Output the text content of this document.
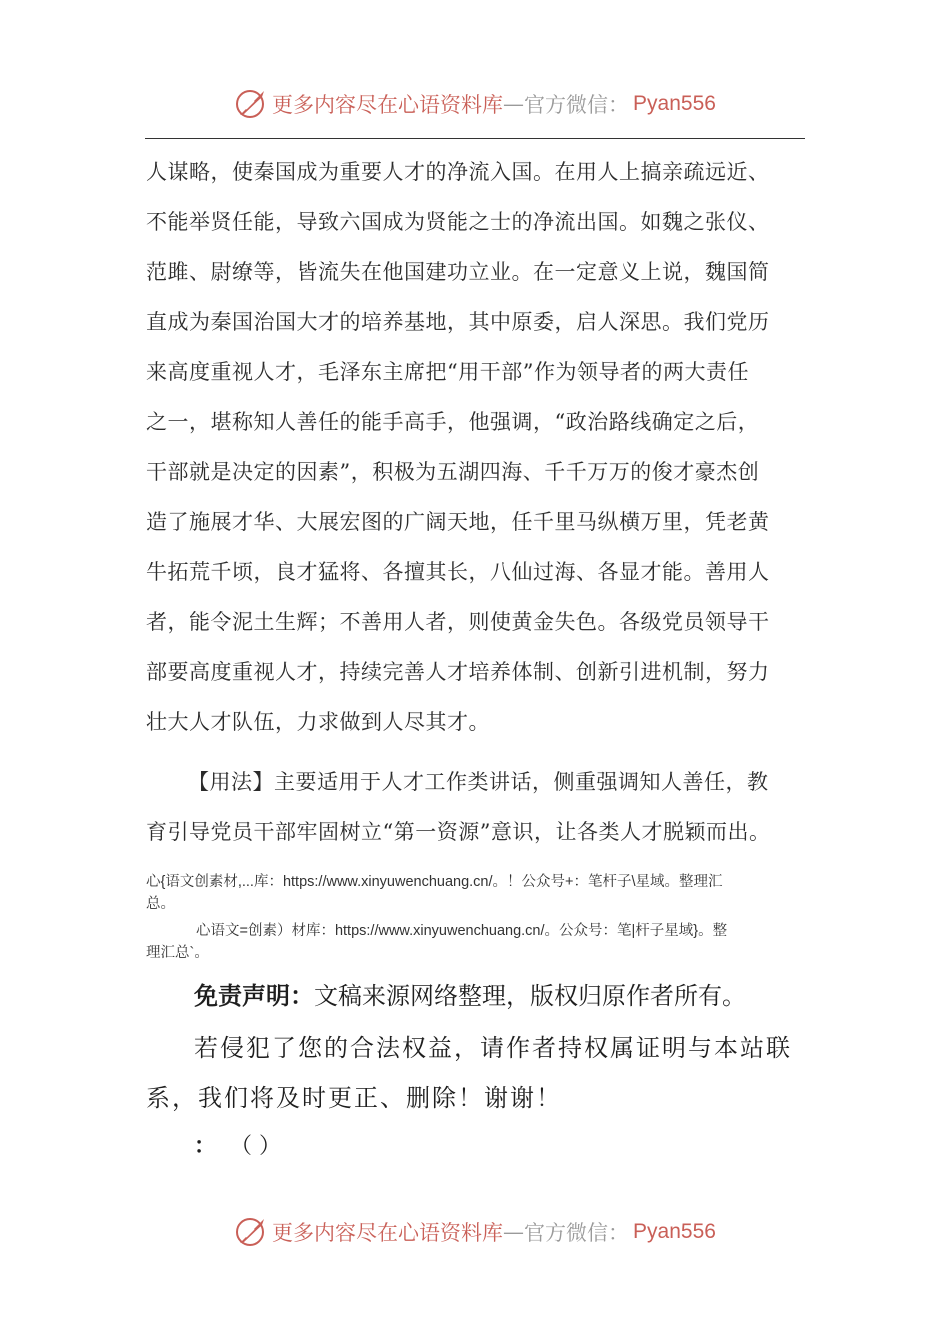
更多内容尽在心语资料库 — 官方微信： Pyan556
人谋略，使秦国成为重要人才的净流入国。在用人上搞亲疏远近、
不能举贤任能，导致六国成为贤能之士的净流出国。如魏之张仪、
范雎、尉缭等，皆流失在他国建功立业。在一定意义上说，魏国简
直成为秦国治国大才的培养基地，其中原委，启人深思。我们党历
来高度重视人才，毛泽东主席把“用干部”作为领导者的两大责任
之一，堪称知人善任的能手高手，他强调，“政治路线确定之后，
干部就是决定的因素”，积极为五湖四海、千千万万的俊才豪杰创
造了施展才华、大展宏图的广阔天地，任千里马纵横万里，凭老黄
牛拓荒千顷，良才猛将、各擅其长，八仙过海、各显才能。善用人
者，能令泥土生辉；不善用人者，则使黄金失色。各级党员领导干
部要高度重视人才，持续完善人才培养体制、创新引进机制，努力
壮大人才队伍，力求做到人尽其才。
【用法】主要适用于人才工作类讲话，侧重强调知人善任，教
育引导党员干部牢固树立“第一资源”意识，让各类人才脱颖而出。
心{语文创素材,...库：https://www.xinyuwenchuang.cn/。！公众号+：笔杆子\星域。整理汇
总。
心语文=创素）材库：https://www.xinyuwenchuang.cn/。公众号：笔|杆子星域}。整
理汇总`。
免责声明：文稿来源网络整理，版权归原作者所有。
若侵犯了您的合法权益，请作者持权属证明与本站联
系，我们将及时更正、删除！谢谢！
： （ ）
更多内容尽在心语资料库 — 官方微信： Pyan556
